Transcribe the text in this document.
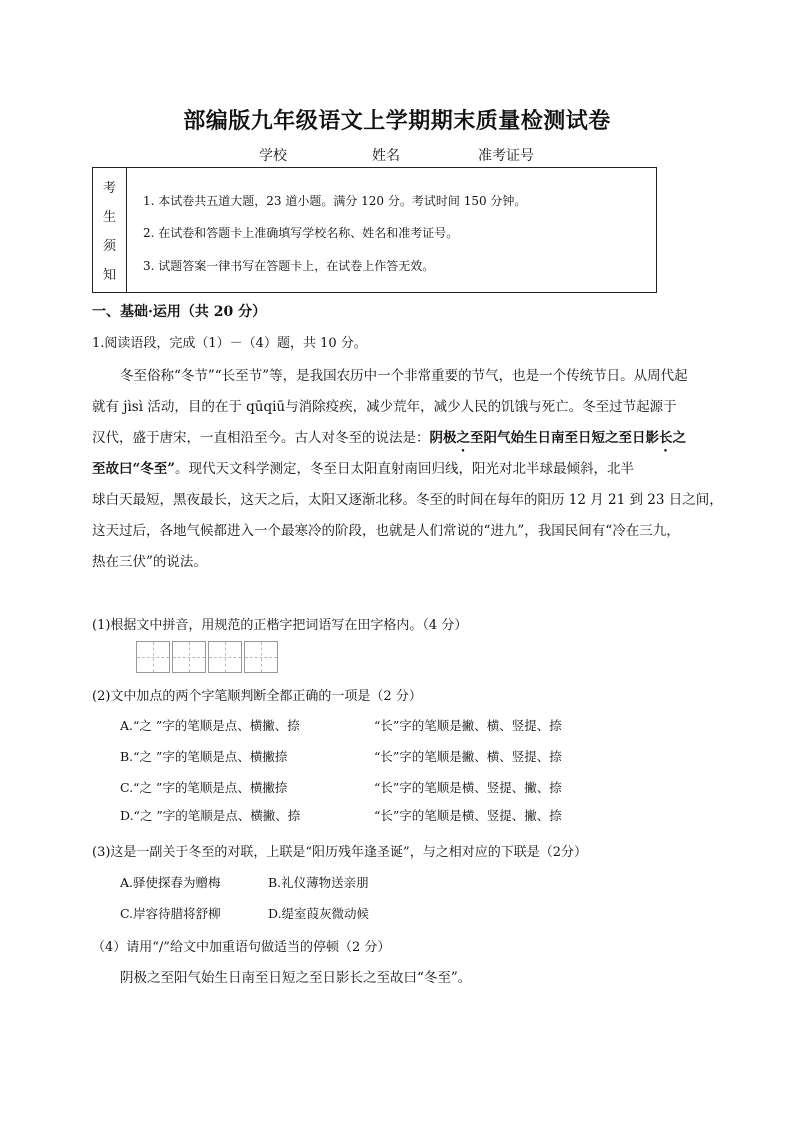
部编版九年级语文上学期期末质量检测试卷
学校	姓名	准考证号
考
生
须
知
1. 本试卷共五道大题，23 道小题。满分 120 分。考试时间 150 分钟。
2. 在试卷和答题卡上准确填写学校名称、姓名和准考证号。
3. 试题答案一律书写在答题卡上，在试卷上作答无效。
一、基础·运用（共 20 分）
1.阅读语段，完成（1）－（4）题，共 10 分。
冬至俗称“冬节”“长至节”等，是我国农历中一个非常重要的节气，也是一个传统节日。从周代起
就有 jìsì 活动，目的在于 qūqiū与消除疫疾，减少荒年，减少人民的饥饿与死亡。冬至过节起源于
汉代，盛于唐宋，一直相沿至今。古人对冬至的说法是：阴极之至阳气始生日南至日短之至日影长之
至故曰“冬至”。现代天文科学测定，冬至日太阳直射南回归线，阳光对北半球最倾斜，北半
球白天最短，黑夜最长，这天之后，太阳又逐渐北移。冬至的时间在每年的阳历 12 月 21 到 23 日之间，
这天过后，各地气候都进入一个最寒冷的阶段，也就是人们常说的“进九”，我国民间有“冷在三九，
热在三伏”的说法。
(1)根据文中拼音，用规范的正楷字把词语写在田字格内。（4 分）
(2)文中加点的两个字笔顺判断全都正确的一项是（2 分）
A.“之 ”字的笔顺是点、横撇、捺	“长”字的笔顺是撇、横、竖提、捺
B.“之 ”字的笔顺是点、横撇捺	“长”字的笔顺是撇、横、竖提、捺
C.“之 ”字的笔顺是点、横撇捺	“长”字的笔顺是横、竖提、撇、捺
D.“之 ”字的笔顺是点、横撇、捺	“长”字的笔顺是横、竖提、撇、捺
(3)这是一副关于冬至的对联，上联是“阳历残年逢圣诞”，与之相对应的下联是（2分）
A.驿使探春为赠梅	B.礼仪薄物送亲朋
C.岸容待腊将舒柳	D.缇室葭灰微动候
（4）请用“/”给文中加重语句做适当的停顿（2 分）
阴极之至阳气始生日南至日短之至日影长之至故曰“冬至”。
